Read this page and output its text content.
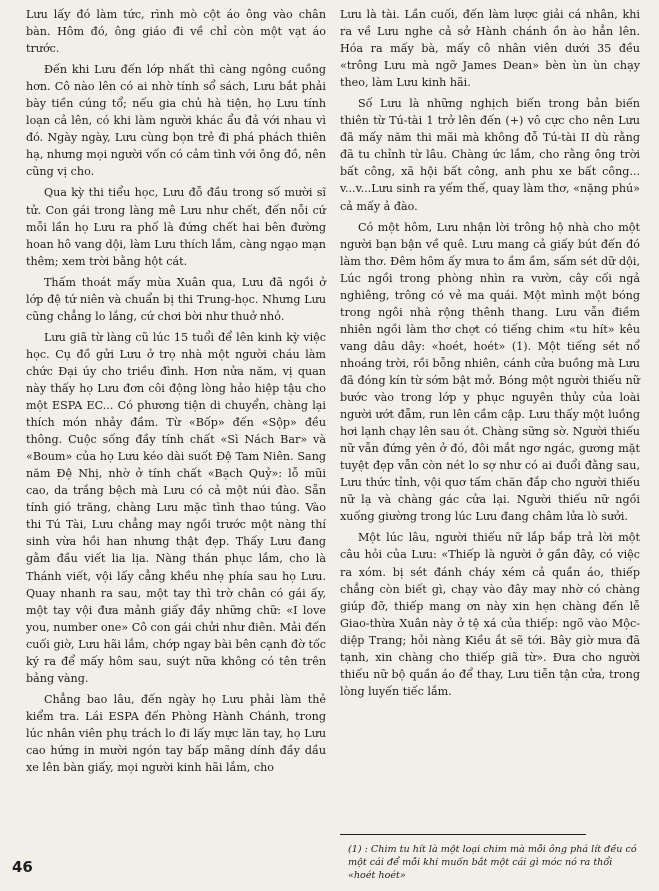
Lưu lấy đó làm tức, rình mò cột áo ông vào chân bàn. Hôm đó, ông giáo đi về chỉ còn một vạt áo trước.

Đến khi Lưu đến lớp nhất thì càng ngông cuồng hơn. Cô nào lên có ai nhờ tính sổ sách, Lưu bắt phải bày tiền cúng tổ; nếu gia chủ hà tiện, họ Lưu tính loạn cả lên, có khi làm người khác ẩu đả với nhau vì đó. Ngày ngày, Lưu cùng bọn trẻ đi phá phách thiên hạ, nhưng mọi người vốn có cảm tình với ông đồ, nên cũng vị cho.

Qua kỳ thi tiểu học, Lưu đỗ đầu trong số mười sĩ tử. Con gái trong làng mê Lưu như chết, đến nỗi cứ mỗi lần họ Lưu ra phố là đứng chết hai bên đường hoan hô vang dội, làm Lưu thích lắm, càng ngạo mạn thêm; xem trời bằng hột cát.

Thấm thoát mấy mùa Xuân qua, Lưu đã ngồi ở lớp đệ tứ niên và chuẩn bị thi Trung-học. Nhưng Lưu cũng chẳng lo lắng, cứ chơi bời như thuở nhỏ.

Lưu giã từ làng cũ lúc 15 tuổi để lên kinh kỳ việc học. Cụ đồ gửi Lưu ở trọ nhà một người cháu làm chức Đại úy cho triều đình. Hơn nửa năm, vị quan này thấy họ Lưu đơn côi động lòng hảo hiệp tậu cho một ESPA EC... Có phương tiện di chuyển, chàng lại thích món nhảy đầm. Từ «Bốp» đến «Sộp» đều thông. Cuộc sống đầy tính chất «Sì Nách Bar» và «Boum» của họ Lưu kéo dài suốt Đệ Tam Niên. Sang năm Đệ Nhị, nhờ ở tính chất «Bạch Quỷ»: lỗ mũi cao, da trắng bệch mà Lưu có cả một núi đào. Sẵn tính gió trăng, chàng Lưu mặc tình thao túng. Vào thi Tú Tài, Lưu chẳng may ngồi trước một nàng thí sinh vừa hồi han nhưng thật đẹp. Thấy Lưu đang gằm đầu viết lia lịa. Nàng thán phục lắm, cho là Thánh viết, vội lấy cẳng khều nhẹ phía sau họ Lưu. Quay nhanh ra sau, một tay thì trờ chân có gái ấy, một tay vội đưa mảnh giấy đầy những chữ: «I love you, number one» Cô con gái chửi như điên. Mải đến cuối giờ, Lưu hãi lắm, chớp ngay bài bên cạnh đờ tốc ký ra để mấy hôm sau, suýt nữa không có tên trên bảng vàng.

Chẳng bao lâu, đến ngày họ Lưu phải làm thẻ kiểm tra. Lái ESPA đến Phòng Hành Chánh, trong lúc nhân viên phụ trách lo đi lấy mực lăn tay, họ Lưu cao hứng in mười ngón tay bấp mãng dính đầy dầu xe lên bàn giấy, mọi người kinh hãi lắm, cho

Lưu là tài. Lần cuối, đến làm lược giải cá nhân, khi ra về Lưu nghe cả sở Hành chánh ồn ào hẳn lên. Hóa ra mấy bà, mấy cô nhân viên dưới 35 đều «trông Lưu mà ngỡ James Dean» bèn ùn ùn chạy theo, làm Lưu kinh hãi.

Số Lưu là những nghịch biến trong bản biến thiên từ Tú-tài 1 trở lên đến (+) vô cực cho nên Lưu đã mấy năm thi mãi mà không đỗ Tú-tài II dù rằng đã tu chỉnh từ lâu. Chàng ức lắm, cho rằng ông trời bất công, xã hội bất công, anh phu xe bất công... v...v...Lưu sinh ra yếm thế, quay làm thơ, «nặng phú» cả mấy ả đào.

Có một hôm, Lưu nhận lời trông hộ nhà cho một người bạn bận về quê. Lưu mang cả giấy bút đến đó làm thơ. Đêm hôm ấy mưa to ầm ầm, sấm sét dữ dội, Lúc ngồi trong phòng nhìn ra vườn, cây cối ngả nghiêng, trông có vẻ ma quái. Một mình một bóng trong ngôi nhà rộng thênh thang. Lưu vẫn điềm nhiên ngồi làm thơ chợt có tiếng chim «tu hít» kêu vang dâu dây: «hoét, hoét» (1). Một tiếng sét nổ nhoáng trời, rồi bỗng nhiên, cánh cửa buồng mà Lưu đã đóng kín từ sớm bật mở. Bóng một người thiếu nữ bước vào trong lớp y phục nguyên thủy của loài người ướt đẫm, run lên cầm cập. Lưu thấy một luồng hơi lạnh chạy lên sau ót. Chàng sững sờ. Người thiếu nữ vẫn đứng yên ở đó, đôi mắt ngơ ngác, gương mặt tuyệt đẹp vẫn còn nét lo sợ như có ai đuổi đằng sau, Lưu thức tỉnh, vội quơ tấm chăn đắp cho người thiếu nữ lạ và chàng gác cửa lại. Người thiếu nữ ngồi xuống giường trong lúc Lưu đang châm lửa lò sưởi.

Một lúc lâu, người thiếu nữ lắp bắp trả lời một câu hỏi của Lưu: «Thiếp là người ở gần đây, có việc ra xóm. bị sét đánh cháy xém cả quần áo, thiếp chẳng còn biết gì, chạy vào đây may nhờ có chàng giúp đỡ, thiếp mang ơn này xin hẹn chàng đến lễ Giao-thừa Xuân này ở tệ xá của thiếp: ngõ vào Mộc-diệp Trang; hỏi nàng Kiều ắt sẽ tới. Bây giờ mưa đã tạnh, xin chàng cho thiếp giã từ». Đưa cho người thiếu nữ bộ quần áo để thay, Lưu tiễn tận cửa, trong lòng luyến tiếc lắm.

(1) : Chim tu hít là một loại chim mà mỗi ông phá lít đều có một cái để mỗi khi muốn bắt một cái gì móc nó ra thổi «hoét hoét»
46
